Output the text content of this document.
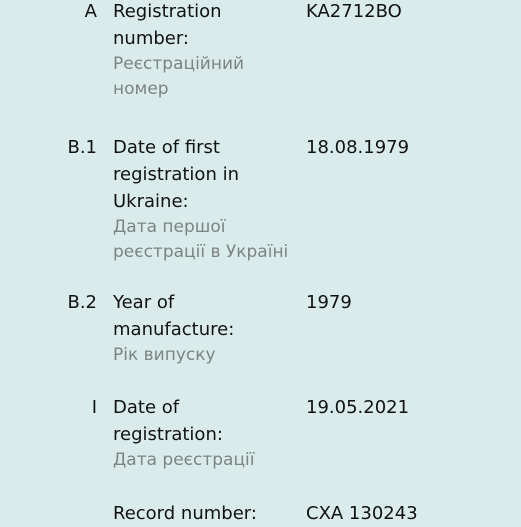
A Registration number:
Реєстраційний номер
KA2712BO
B.1 Date of first registration in Ukraine:
Дата першої реєстрації в Україні
18.08.1979
B.2 Year of manufacture:
Рік випуску
1979
I Date of registration:
Дата реєстрації
19.05.2021
Record number:	CXA 130243
